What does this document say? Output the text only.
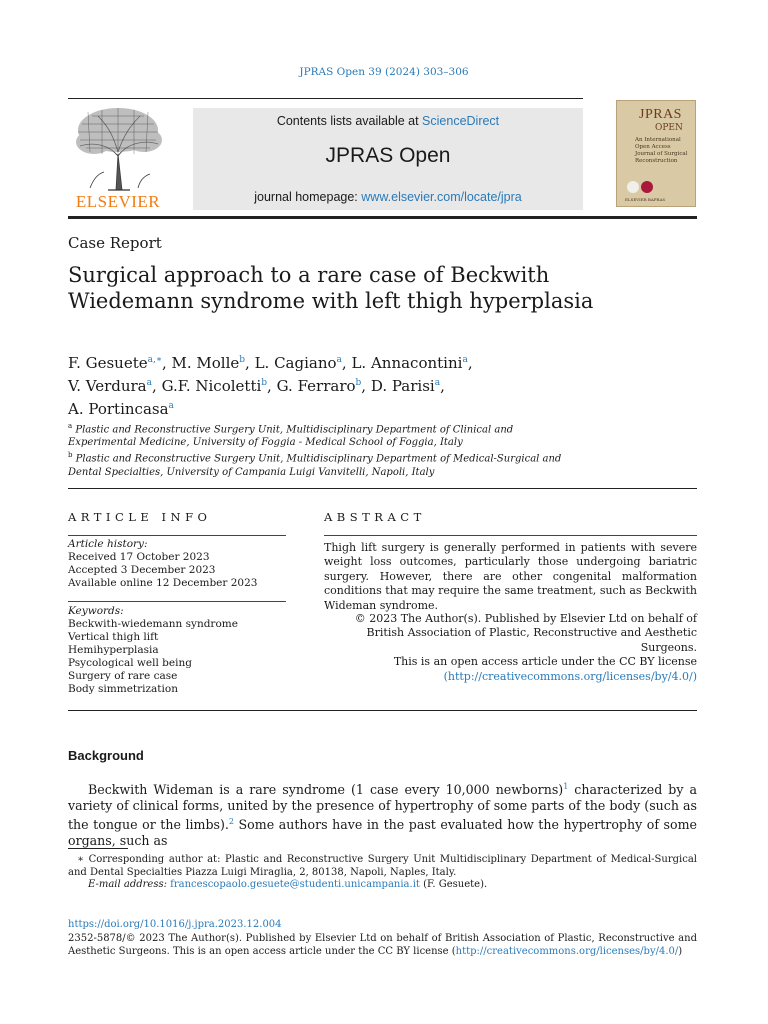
JPRAS Open 39 (2024) 303–306
ELSEVIER
Contents lists available at ScienceDirect
JPRAS Open
journal homepage: www.elsevier.com/locate/jpra
JPRAS
OPEN
An International Open Access Journal of Surgical Reconstruction
ELSEVIER BAPRAS
Case Report
Surgical approach to a rare case of Beckwith Wiedemann syndrome with left thigh hyperplasia
F. Gesuete$^{a,∗}$, M. Molle$^b$, L. Cagiano$^a$, L. Annacontini$^a$,
V. Verdura$^a$, G.F. Nicoletti$^b$, G. Ferraro$^b$, D. Parisi$^a$,
A. Portincasa$^a$
$^a$ Plastic and Reconstructive Surgery Unit, Multidisciplinary Department of Clinical and Experimental Medicine, University of Foggia - Medical School of Foggia, Italy
$^b$ Plastic and Reconstructive Surgery Unit, Multidisciplinary Department of Medical-Surgical and Dental Specialties, University of Campania Luigi Vanvitelli, Napoli, Italy
ARTICLE INFO	ABSTRACT
Article history:
Received 17 October 2023
Accepted 3 December 2023
Available online 12 December 2023
Keywords:
Beckwith-wiedemann syndrome
Vertical thigh lift
Hemihyperplasia
Psycological well being
Surgery of rare case
Body simmetrization
Thigh lift surgery is generally performed in patients with severe weight loss outcomes, particularly those undergoing bariatric surgery. However, there are other congenital malformation conditions that may require the same treatment, such as Beckwith Wideman syndrome.
© 2023 The Author(s). Published by Elsevier Ltd on behalf of British Association of Plastic, Reconstructive and Aesthetic Surgeons.
This is an open access article under the CC BY license
(http://creativecommons.org/licenses/by/4.0/)
Background
Beckwith Wideman is a rare syndrome (1 case every 10,000 newborns)$^1$ characterized by a variety of clinical forms, united by the presence of hypertrophy of some parts of the body (such as the tongue or the limbs).$^2$ Some authors have in the past evaluated how the hypertrophy of some organs, such as
∗ Corresponding author at: Plastic and Reconstructive Surgery Unit Multidisciplinary Department of Medical-Surgical and Dental Specialties Piazza Luigi Miraglia, 2, 80138, Napoli, Naples, Italy.
E-mail address: francescopaolo.gesuete@studenti.unicampania.it (F. Gesuete).
https://doi.org/10.1016/j.jpra.2023.12.004
2352-5878/© 2023 The Author(s). Published by Elsevier Ltd on behalf of British Association of Plastic, Reconstructive and Aesthetic Surgeons. This is an open access article under the CC BY license (http://creativecommons.org/licenses/by/4.0/)
